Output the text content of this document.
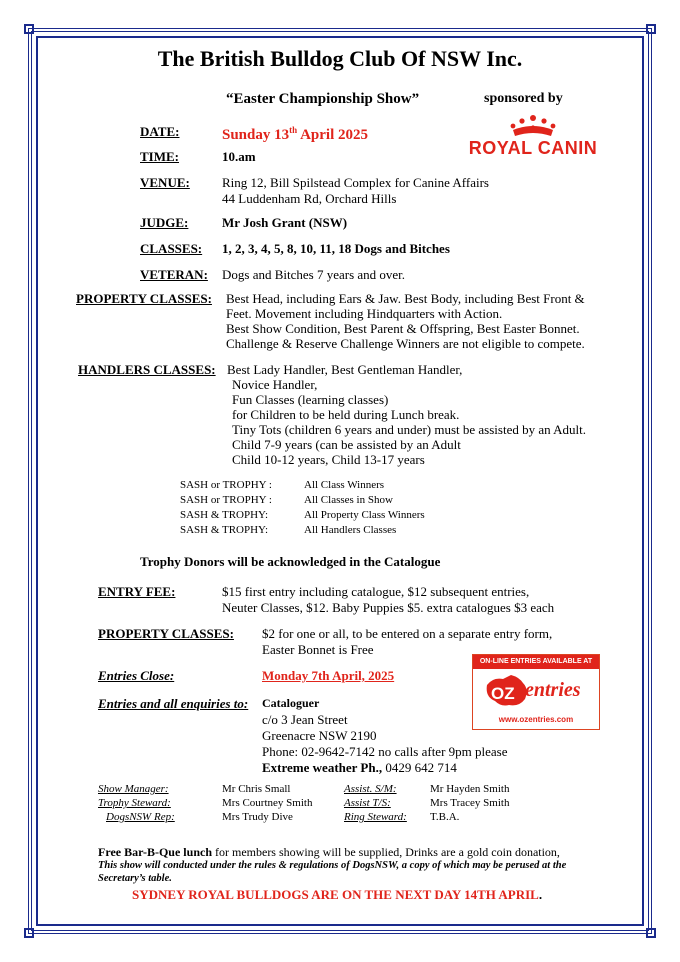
The British Bulldog Club Of NSW Inc.
“Easter Championship Show”	sponsored by
ROYAL CANIN
DATE:	Sunday 13th April 2025
TIME:	10.am
VENUE: Ring 12, Bill Spilstead Complex for Canine Affairs
44 Luddenham Rd, Orchard Hills
JUDGE:	Mr Josh Grant (NSW)
CLASSES: 1, 2, 3, 4, 5, 8, 10, 11, 18 Dogs and Bitches
VETERAN: Dogs and Bitches 7 years and over.
PROPERTY CLASSES: Best Head, including Ears & Jaw. Best Body, including Best Front &
Feet. Movement including Hindquarters with Action.
Best Show Condition, Best Parent & Offspring, Best Easter Bonnet.
Challenge & Reserve Challenge Winners are not eligible to compete.
HANDLERS CLASSES: Best Lady Handler, Best Gentleman Handler,
Novice Handler,
Fun Classes (learning classes)
for Children to be held during Lunch break.
Tiny Tots (children 6 years and under) must be assisted by an Adult.
Child 7-9 years (can be assisted by an Adult
Child 10-12 years, Child 13-17 years
SASH or TROPHY :	All Class Winners
SASH or TROPHY :	All Classes in Show
SASH & TROPHY:	All Property Class Winners
SASH & TROPHY:	All Handlers Classes
Trophy Donors will be acknowledged in the Catalogue
ENTRY FEE:	$15 first entry including catalogue, $12 subsequent entries,
Neuter Classes, $12. Baby Puppies $5. extra catalogues $3 each
PROPERTY CLASSES: $2 for one or all, to be entered on a separate entry form,
Easter Bonnet is Free
Entries Close:	Monday 7th April, 2025
ON-LINE ENTRIES AVAILABLE AT
OZ entries
www.ozentries.com
Entries and all enquiries to: Cataloguer
c/o 3 Jean Street
Greenacre NSW 2190
Phone: 02-9642-7142 no calls after 9pm please
Extreme weather Ph., 0429 642 714
Show Manager:	Mr Chris Small	Assist. S/M:	Mr Hayden Smith
Trophy Steward:	Mrs Courtney Smith	Assist T/S:	Mrs Tracey Smith
DogsNSW Rep:	Mrs Trudy Dive	Ring Steward: T.B.A.
Free Bar-B-Que lunch for members showing will be supplied, Drinks are a gold coin donation,
This show will conducted under the rules & regulations of DogsNSW, a copy of which may be perused at the
Secretary’s table.
SYDNEY ROYAL BULLDOGS ARE ON THE NEXT DAY 14TH APRIL.
